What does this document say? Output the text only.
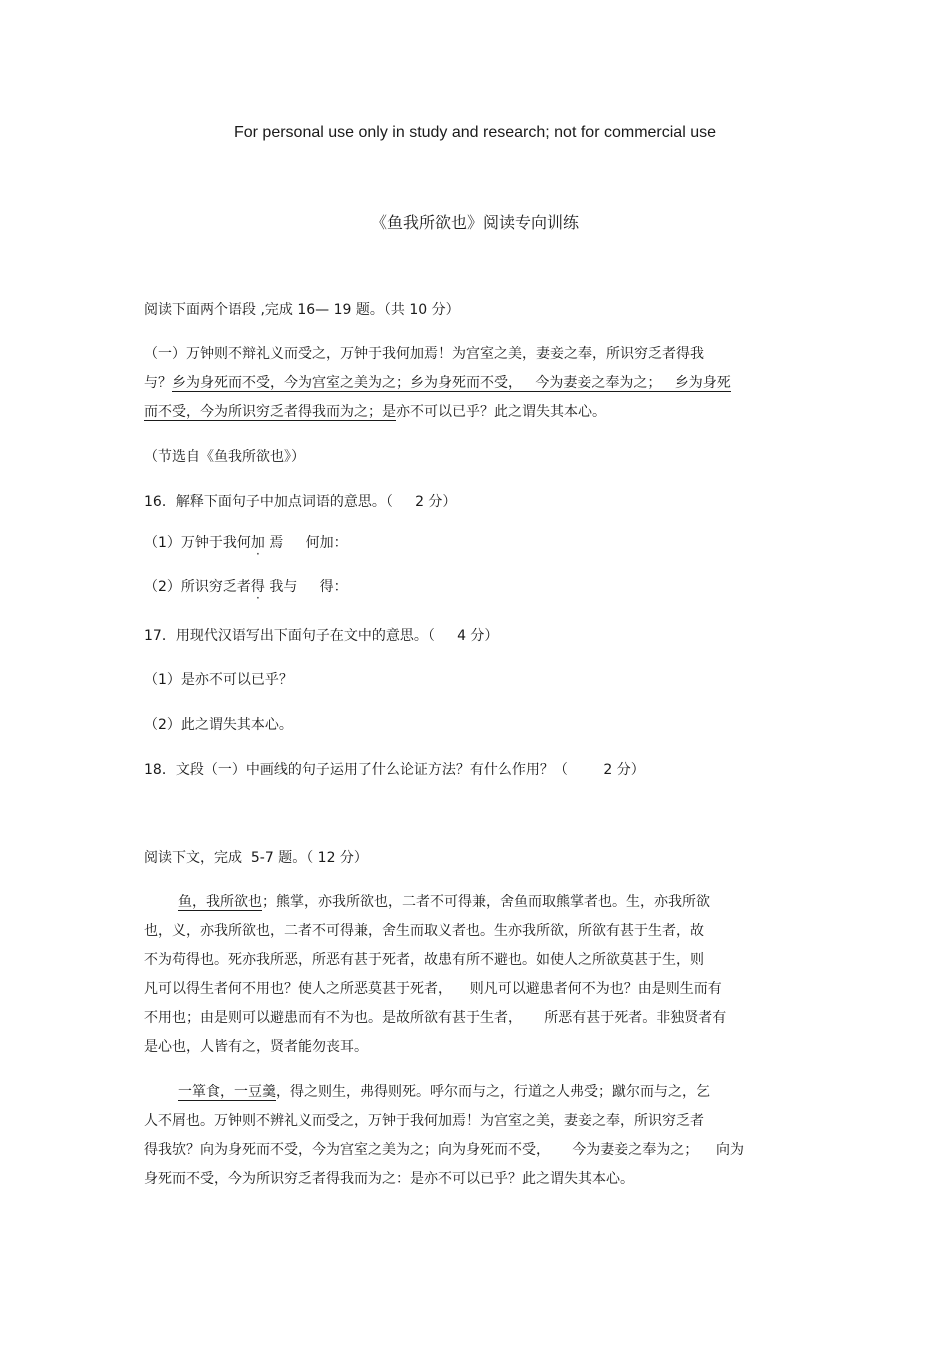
For personal use only in study and research; not for commercial use

《鱼我所欲也》阅读专向训练

阅读下面两个语段 ,完成 16— 19 题。（共 10 分）

（一）万钟则不辩礼义而受之，万钟于我何加焉！为宫室之美，妻妾之奉，所识穷乏者得我

与？乡为身死而不受，今为宫室之美为之；乡为身死而不受，   今为妻妾之奉为之；   乡为身死

而不受，今为所识穷乏者得我而为之；是亦不可以已乎？此之谓失其本心。

（节选自《鱼我所欲也》）

16．解释下面句子中加点词语的意思。（     2 分）

（1）万钟于我何加 焉     何加：

（2）所识穷乏者得 我与     得：

17．用现代汉语写出下面句子在文中的意思。（     4 分）

（1）是亦不可以已乎？

（2）此之谓失其本心。

18．文段（一）中画线的句子运用了什么论证方法？有什么作用？（        2 分）

阅读下文，完成  5-7 题。（ 12 分）

鱼，我所欲也；熊掌，亦我所欲也，二者不可得兼，舍鱼而取熊掌者也。生，亦我所欲

也，义，亦我所欲也，二者不可得兼，舍生而取义者也。生亦我所欲，所欲有甚于生者，故

不为苟得也。死亦我所恶，所恶有甚于死者，故患有所不避也。如使人之所欲莫甚于生，则

凡可以得生者何不用也？使人之所恶莫甚于死者，    则凡可以避患者何不为也？由是则生而有

不用也；由是则可以避患而有不为也。是故所欲有甚于生者，     所恶有甚于死者。非独贤者有

是心也，人皆有之，贤者能勿丧耳。

一箪食，一豆羹，得之则生，弗得则死。呼尔而与之，行道之人弗受；蹴尔而与之，乞

人不屑也。万钟则不辨礼义而受之，万钟于我何加焉！为宫室之美，妻妾之奉，所识穷乏者

得我欤？向为身死而不受，今为宫室之美为之；向为身死而不受，     今为妻妾之奉为之；    向为

身死而不受，今为所识穷乏者得我而为之：是亦不可以已乎？此之谓失其本心。
